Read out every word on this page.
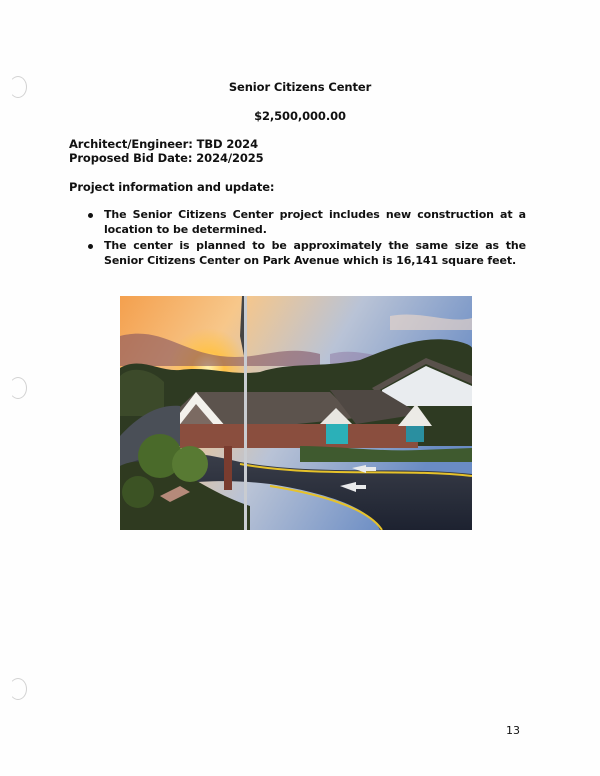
Senior Citizens Center
$2,500,000.00
Architect/Engineer: TBD 2024
Proposed Bid Date: 2024/2025
Project information and update:
The Senior Citizens Center project includes new construction at a location to be determined.
The center is planned to be approximately the same size as the Senior Citizens Center on Park Avenue which is 16,141 square feet.
13
